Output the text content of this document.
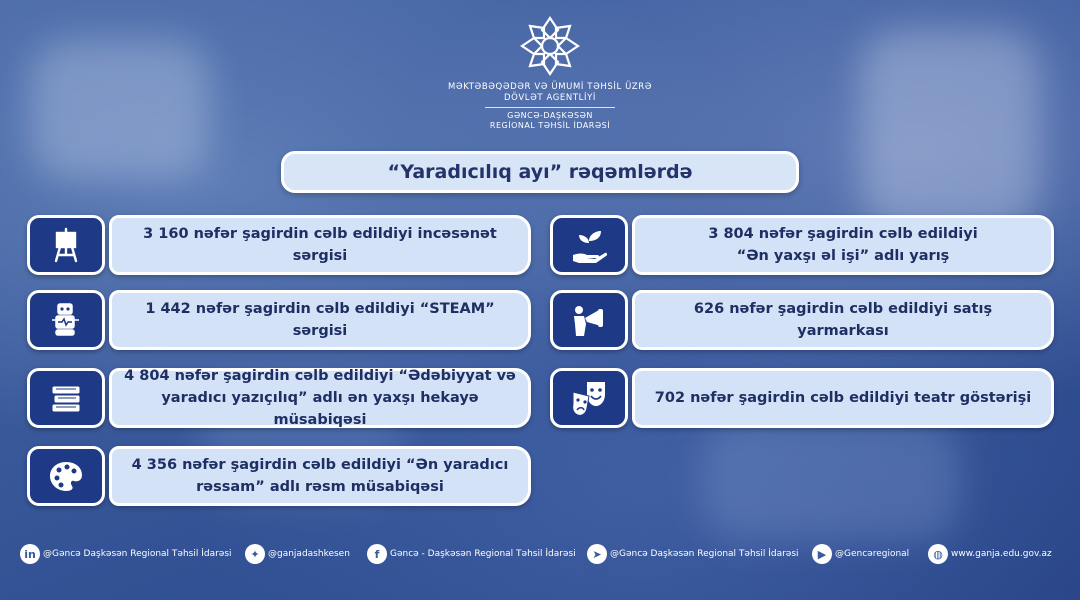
MƏKTƏBƏQƏDƏR VƏ ÜMUMİ TƏHSİL ÜZRƏ
DÖVLƏT AGENTLİYİ
GƏNCƏ-DAŞKƏSƏN
REGİONAL TƏHSİL İDARƏSİ
“Yaradıcılıq ayı” rəqəmlərdə
3 160 nəfər şagirdin cəlb edildiyi incəsənət sərgisi
1 442 nəfər şagirdin cəlb edildiyi “STEAM” sərgisi
4 804 nəfər şagirdin cəlb edildiyi “Ədəbiyyat və
yaradıcı yazıçılıq” adlı ən yaxşı hekayə müsabiqəsi
4 356 nəfər şagirdin cəlb edildiyi “Ən yaradıcı
rəssam” adlı rəsm müsabiqəsi
3 804 nəfər şagirdin cəlb edildiyi
“Ən yaxşı əl işi” adlı yarış
626 nəfər şagirdin cəlb edildiyi satış yarmarkası
702 nəfər şagirdin cəlb edildiyi teatr göstərişi
in @Gəncə Daşkəsən Regional Təhsil İdarəsi	✦ @ganjadashkesen	f	Gəncə - Daşkəsən Regional Təhsil İdarəsi	➤ @Gəncə Daşkəsən Regional Təhsil İdarəsi	▶ @Gencəregional	◍ www.ganja.edu.gov.az
